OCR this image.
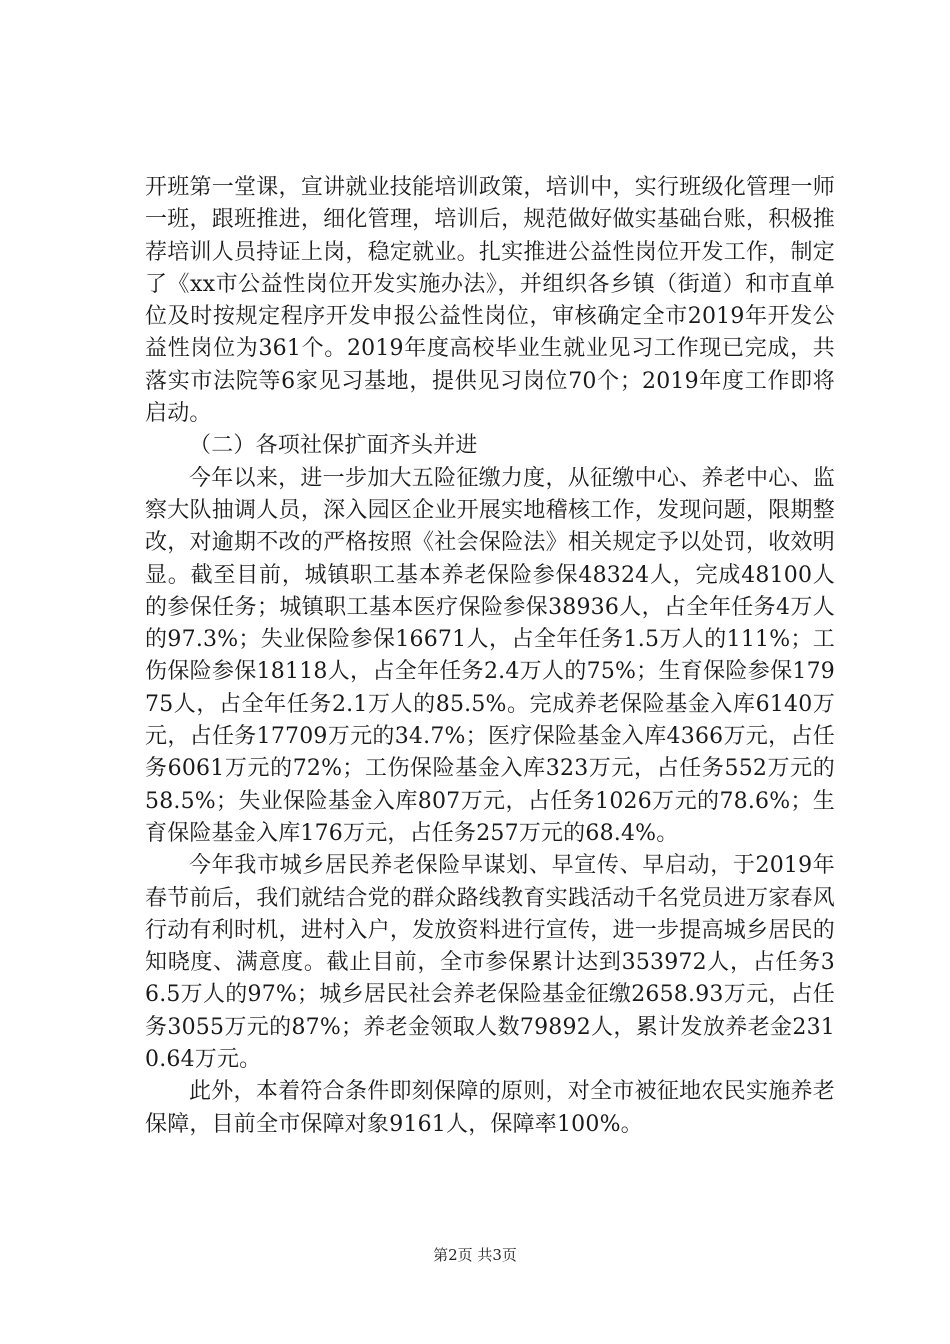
开班第一堂课，宣讲就业技能培训政策，培训中，实行班级化管理一师一班，跟班推进，细化管理，培训后，规范做好做实基础台账，积极推荐培训人员持证上岗，稳定就业。扎实推进公益性岗位开发工作，制定了《xx市公益性岗位开发实施办法》，并组织各乡镇（街道）和市直单位及时按规定程序开发申报公益性岗位，审核确定全市2019年开发公益性岗位为361个。2019年度高校毕业生就业见习工作现已完成，共落实市法院等6家见习基地，提供见习岗位70个；2019年度工作即将启动。

（二）各项社保扩面齐头并进

今年以来，进一步加大五险征缴力度，从征缴中心、养老中心、监察大队抽调人员，深入园区企业开展实地稽核工作，发现问题，限期整改，对逾期不改的严格按照《社会保险法》相关规定予以处罚，收效明显。截至目前，城镇职工基本养老保险参保48324人，完成48100人的参保任务；城镇职工基本医疗保险参保38936人，占全年任务4万人的97.3%；失业保险参保16671人，占全年任务1.5万人的111%；工伤保险参保18118人，占全年任务2.4万人的75%；生育保险参保17975人，占全年任务2.1万人的85.5%。完成养老保险基金入库6140万元，占任务17709万元的34.7%；医疗保险基金入库4366万元，占任务6061万元的72%；工伤保险基金入库323万元，占任务552万元的58.5%；失业保险基金入库807万元，占任务1026万元的78.6%；生育保险基金入库176万元，占任务257万元的68.4%。

今年我市城乡居民养老保险早谋划、早宣传、早启动，于2019年春节前后，我们就结合党的群众路线教育实践活动千名党员进万家春风行动有利时机，进村入户，发放资料进行宣传，进一步提高城乡居民的知晓度、满意度。截止目前，全市参保累计达到353972人，占任务36.5万人的97%；城乡居民社会养老保险基金征缴2658.93万元，占任务3055万元的87%；养老金领取人数79892人，累计发放养老金2310.64万元。

此外，本着符合条件即刻保障的原则，对全市被征地农民实施养老保障，目前全市保障对象9161人，保障率100%。

第2页 共3页
